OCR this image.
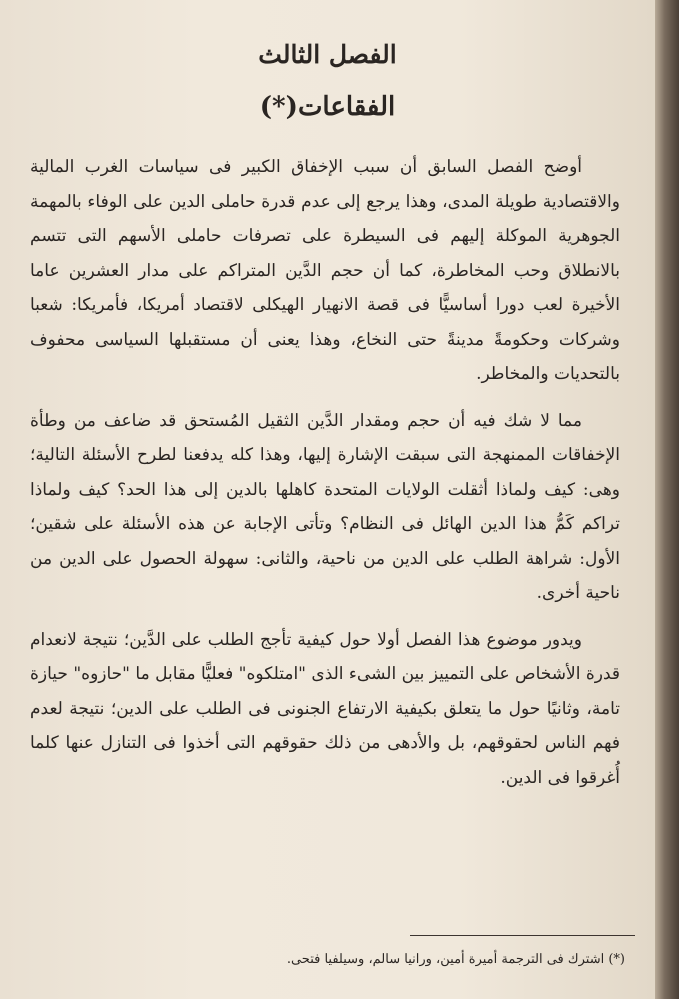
الفصل الثالث
الفقاعات(*)

أوضح الفصل السابق أن سبب الإخفاق الكبير فى سياسات الغرب المالية والاقتصادية طويلة المدى، وهذا يرجع إلى عدم قدرة حاملى الدين على الوفاء بالمهمة الجوهرية الموكلة إليهم فى السيطرة على تصرفات حاملى الأسهم التى تتسم بالانطلاق وحب المخاطرة، كما أن حجم الدَّين المتراكم على مدار العشرين عاما الأخيرة لعب دورا أساسيًّا فى قصة الانهيار الهيكلى لاقتصاد أمريكا، فأمريكا: شعبا وشركات وحكومةً مدينةً حتى النخاع، وهذا يعنى أن مستقبلها السياسى محفوف بالتحديات والمخاطر.

مما لا شك فيه أن حجم ومقدار الدَّين الثقيل المُستحق قد ضاعف من وطأة الإخفاقات الممنهجة التى سبقت الإشارة إليها، وهذا كله يدفعنا لطرح الأسئلة التالية؛ وهى: كيف ولماذا أثقلت الولايات المتحدة كاهلها بالدين إلى هذا الحد؟ كيف ولماذا تراكم كَمُّ هذا الدين الهائل فى النظام؟ وتأتى الإجابة عن هذه الأسئلة على شقين؛ الأول: شراهة الطلب على الدين من ناحية، والثانى: سهولة الحصول على الدين من ناحية أخرى.

ويدور موضوع هذا الفصل أولا حول كيفية تأجج الطلب على الدَّين؛ نتيجة لانعدام قدرة الأشخاص على التمييز بين الشىء الذى "امتلكوه" فعليًّا مقابل ما "حازوه" حيازة تامة، وثانيًا حول ما يتعلق بكيفية الارتفاع الجنونى فى الطلب على الدين؛ نتيجة لعدم فهم الناس لحقوقهم، بل والأدهى من ذلك حقوقهم التى أخذوا فى التنازل عنها كلما أُغرقوا فى الدين.

(*) اشترك فى الترجمة أميرة أمين، ورانيا سالم، وسيلفيا فتحى.
